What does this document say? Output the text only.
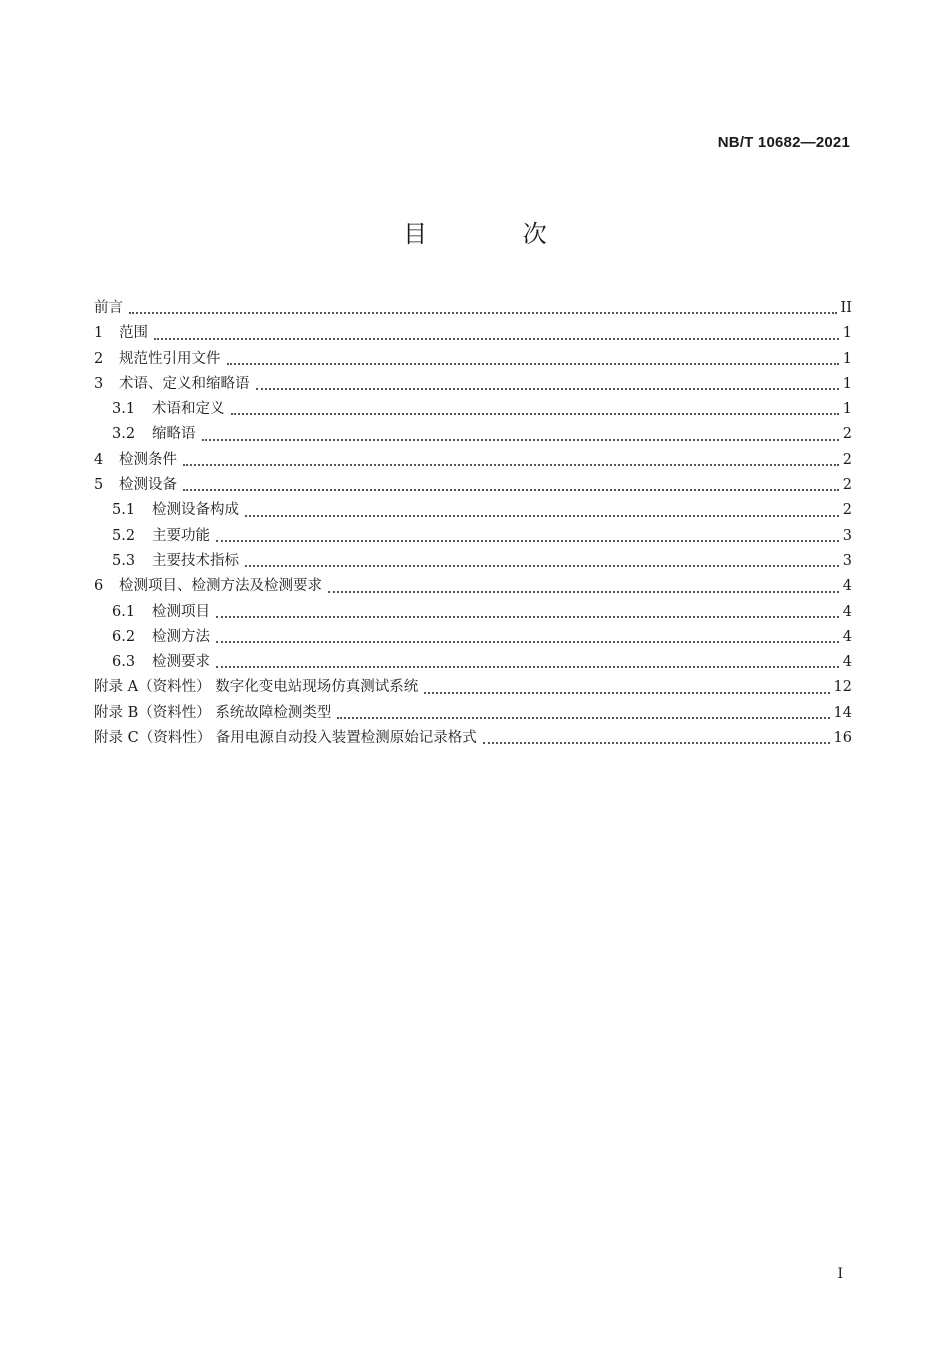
NB/T 10682—2021
目 次
前言	II
1	范围	1
2	规范性引用文件	1
3	术语、定义和缩略语	1
3.1	术语和定义	1
3.2	缩略语	2
4	检测条件	2
5	检测设备	2
5.1	检测设备构成	2
5.2	主要功能	3
5.3	主要技术指标	3
6	检测项目、检测方法及检测要求	4
6.1	检测项目	4
6.2	检测方法	4
6.3	检测要求	4
附录 A（资料性） 数字化变电站现场仿真测试系统	12
附录 B（资料性） 系统故障检测类型	14
附录 C（资料性） 备用电源自动投入装置检测原始记录格式	16
I
